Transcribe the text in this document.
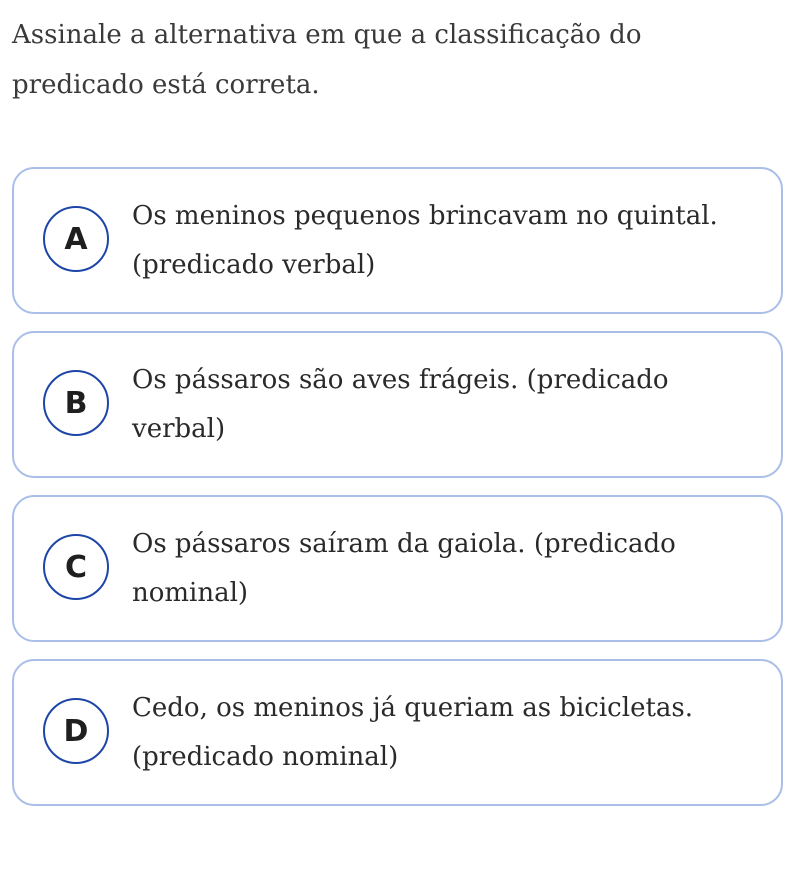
Assinale a alternativa em que a classificação do predicado está correta.

A
Os meninos pequenos brincavam no quintal. (predicado verbal)
B
Os pássaros são aves frágeis. (predicado verbal)
C
Os pássaros saíram da gaiola. (predicado nominal)
D
Cedo, os meninos já queriam as bicicletas. (predicado nominal)
